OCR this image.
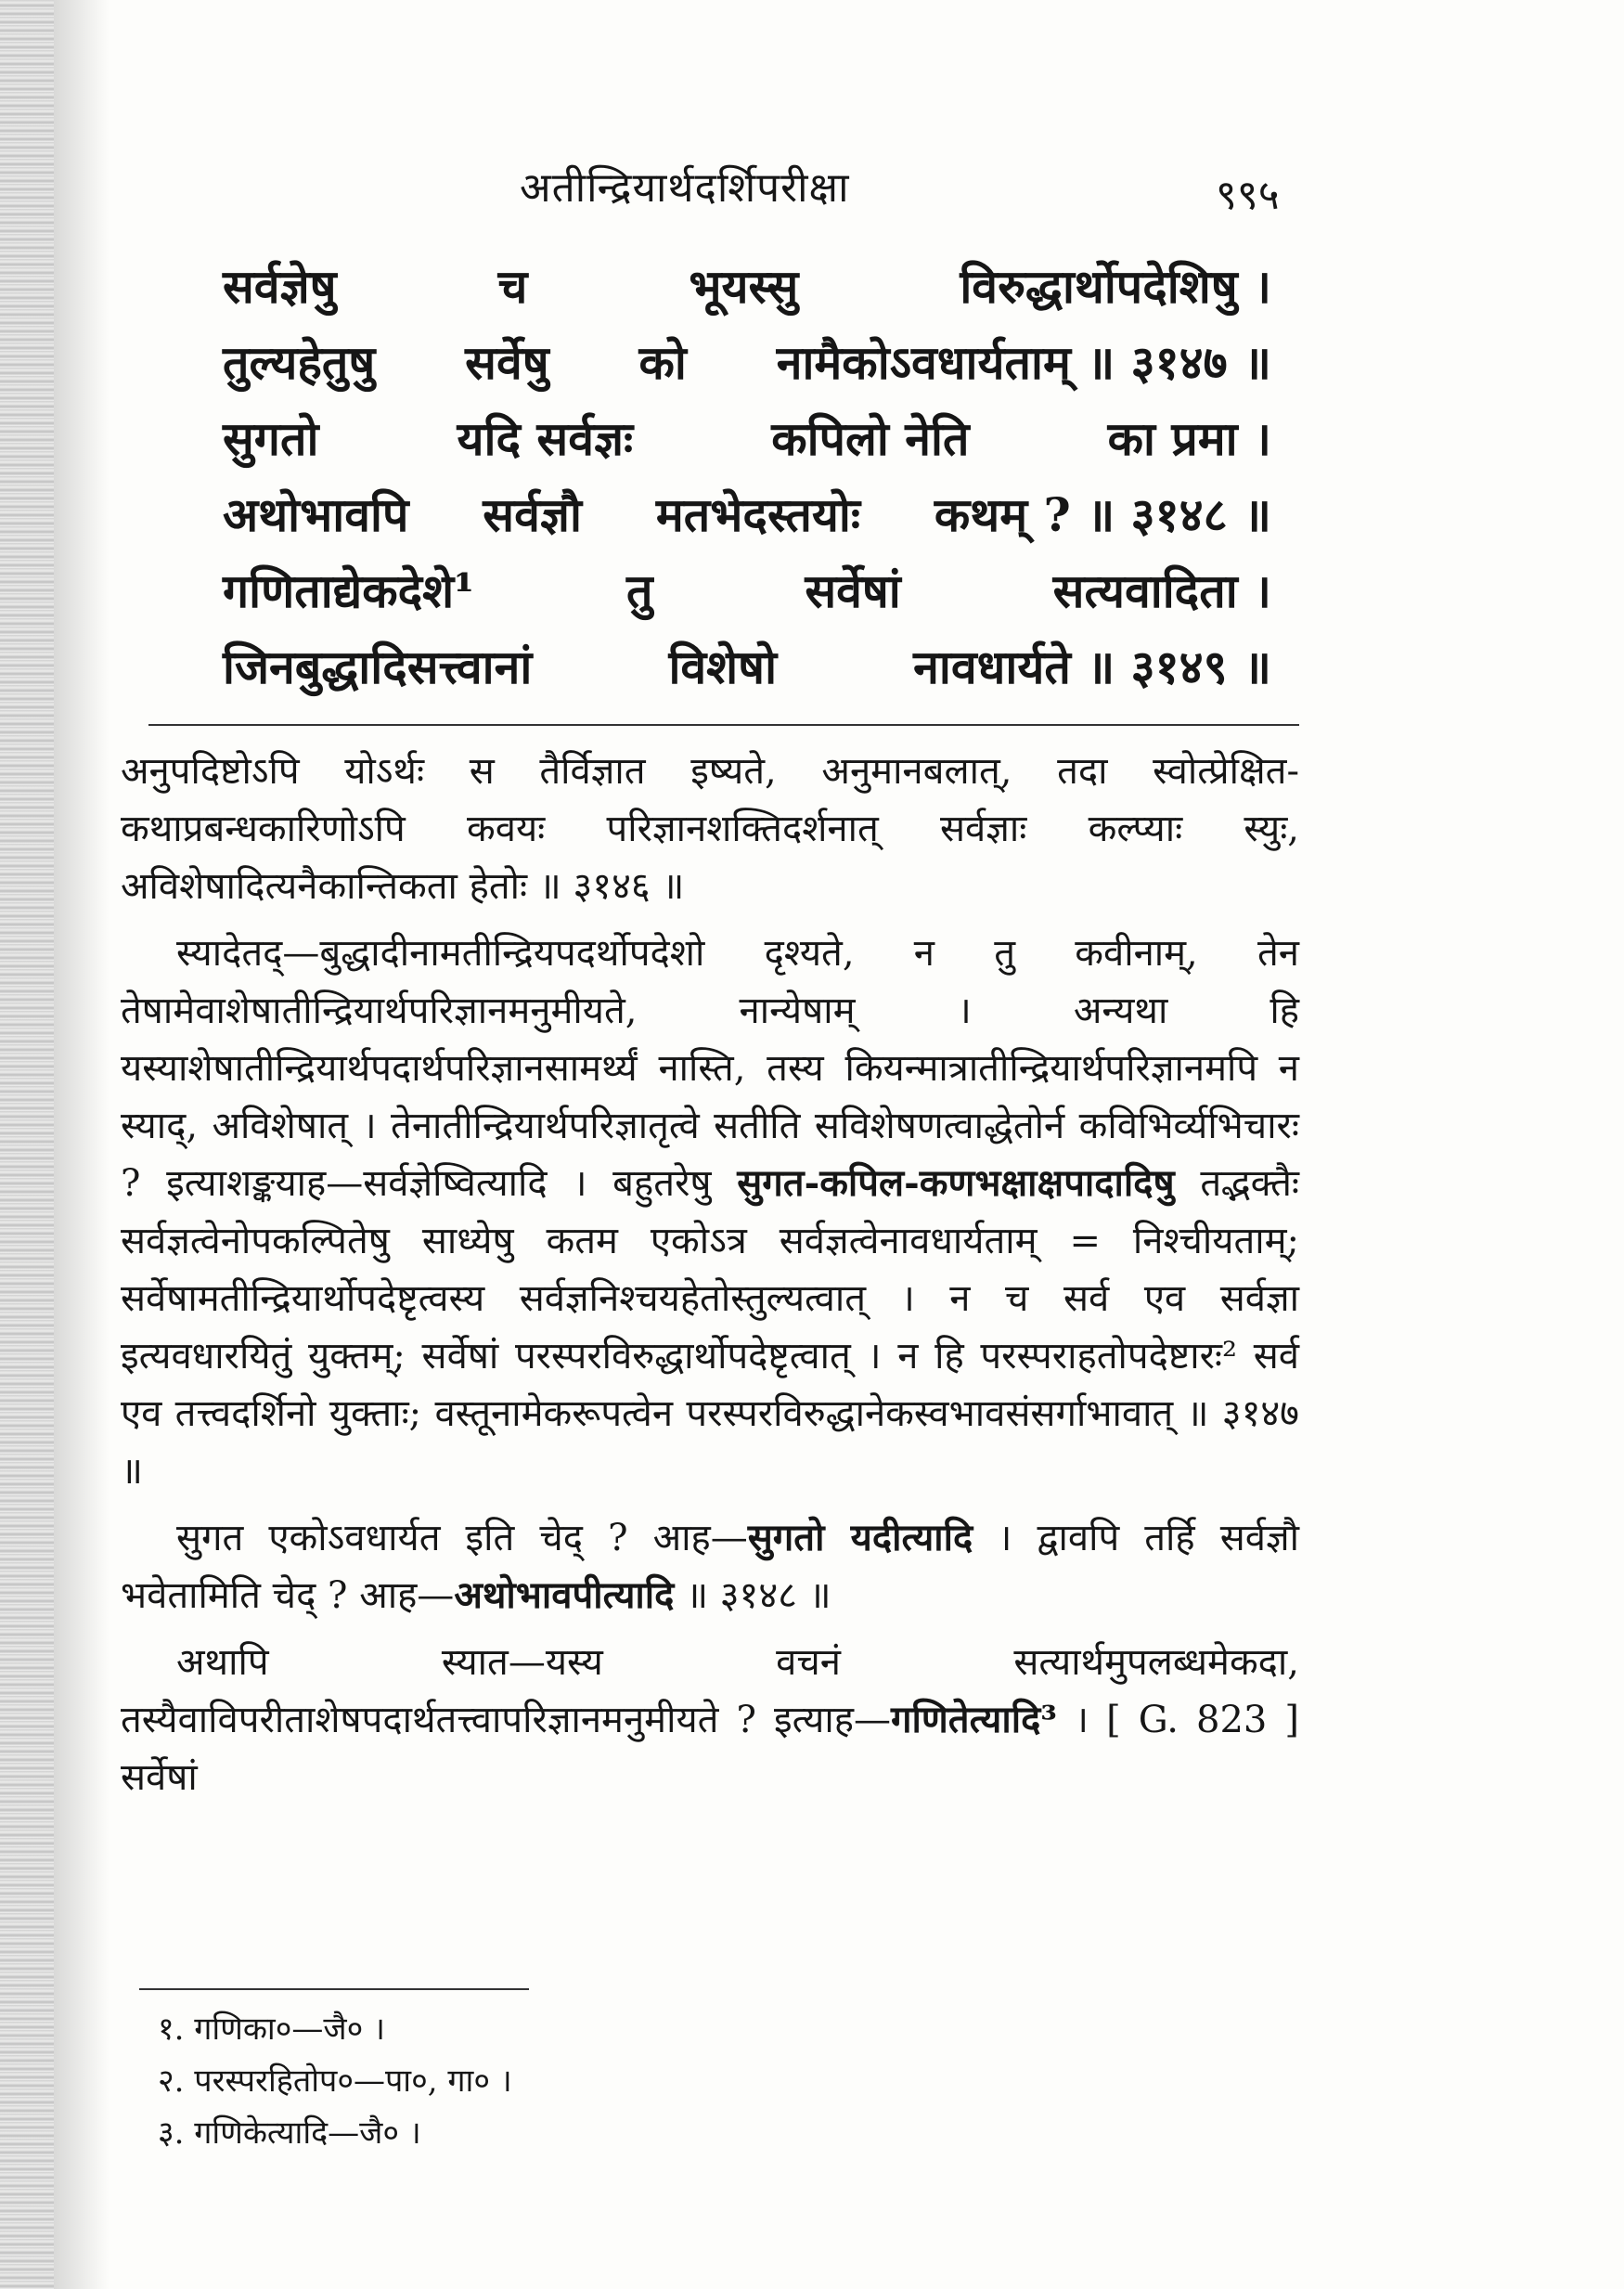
अतीन्द्रियार्थदर्शिपरीक्षा	९९५
सर्वज्ञेषु	च	भूयस्सु	विरुद्धार्थोपदेशिषु ।
तुल्यहेतुषु सर्वेषु को नामैकोऽवधार्यताम् ॥ ३१४७ ॥
सुगतो	यदि सर्वज्ञः	कपिलो नेति	का प्रमा ।
अथोभावपि सर्वज्ञौ मतभेदस्तयोः कथम् ? ॥ ३१४८ ॥
गणिताद्येकदेशे¹	तु	सर्वेषां	सत्यवादिता ।
जिनबुद्धादिसत्त्वानां	विशेषो	नावधार्यते ॥ ३१४९ ॥

अनुपदिष्टोऽपि योऽर्थः स तैर्विज्ञात इष्यते, अनुमानबलात्, तदा स्वोत्प्रेक्षित-कथाप्रबन्धकारिणोऽपि कवयः परिज्ञानशक्तिदर्शनात् सर्वज्ञाः कल्प्याः स्युः, अविशेषादित्यनैकान्तिकता हेतोः ॥ ३१४६ ॥

स्यादेतद्—बुद्धादीनामतीन्द्रियपदर्थोपदेशो दृश्यते, न तु कवीनाम्, तेन तेषामेवाशेषातीन्द्रियार्थपरिज्ञानमनुमीयते, नान्येषाम् । अन्यथा हि यस्याशेषातीन्द्रियार्थपदार्थपरिज्ञानसामर्थ्यं नास्ति, तस्य कियन्मात्रातीन्द्रियार्थपरिज्ञानमपि न स्याद्, अविशेषात् । तेनातीन्द्रियार्थपरिज्ञातृत्वे सतीति सविशेषणत्वाद्धेतोर्न कविभिर्व्यभिचारः ? इत्याशङ्कयाह—सर्वज्ञेष्वित्यादि । बहुतरेषु सुगत-कपिल-कणभक्षाक्षपादादिषु तद्भक्तैः सर्वज्ञत्वेनोपकल्पितेषु साध्येषु कतम एकोऽत्र सर्वज्ञत्वेनावधार्यताम् = निश्चीयताम्; सर्वेषामतीन्द्रियार्थोपदेष्टृत्वस्य सर्वज्ञनिश्चयहेतोस्तुल्यत्वात् । न च सर्व एव सर्वज्ञा इत्यवधारयितुं युक्तम्; सर्वेषां परस्परविरुद्धार्थोपदेष्टृत्वात् । न हि परस्पराहतोपदेष्टारः² सर्व एव तत्त्वदर्शिनो युक्ताः; वस्तूनामेकरूपत्वेन परस्परविरुद्धानेकस्वभावसंसर्गाभावात् ॥ ३१४७ ॥

सुगत एकोऽवधार्यत इति चेद् ? आह—सुगतो यदीत्यादि । द्वावपि तर्हि सर्वज्ञौ भवेतामिति चेद् ? आह—अथोभावपीत्यादि ॥ ३१४८ ॥

अथापि स्यात—यस्य वचनं सत्यार्थमुपलब्धमेकदा, तस्यैवाविपरीताशेषपदार्थतत्त्वापरिज्ञानमनुमीयते ? इत्याह—गणितेत्यादि³ । [ G. 823 ] सर्वेषां

१. गणिका०—जै० ।
२. परस्परहितोप०—पा०, गा० ।
३. गणिकेत्यादि—जै० ।
